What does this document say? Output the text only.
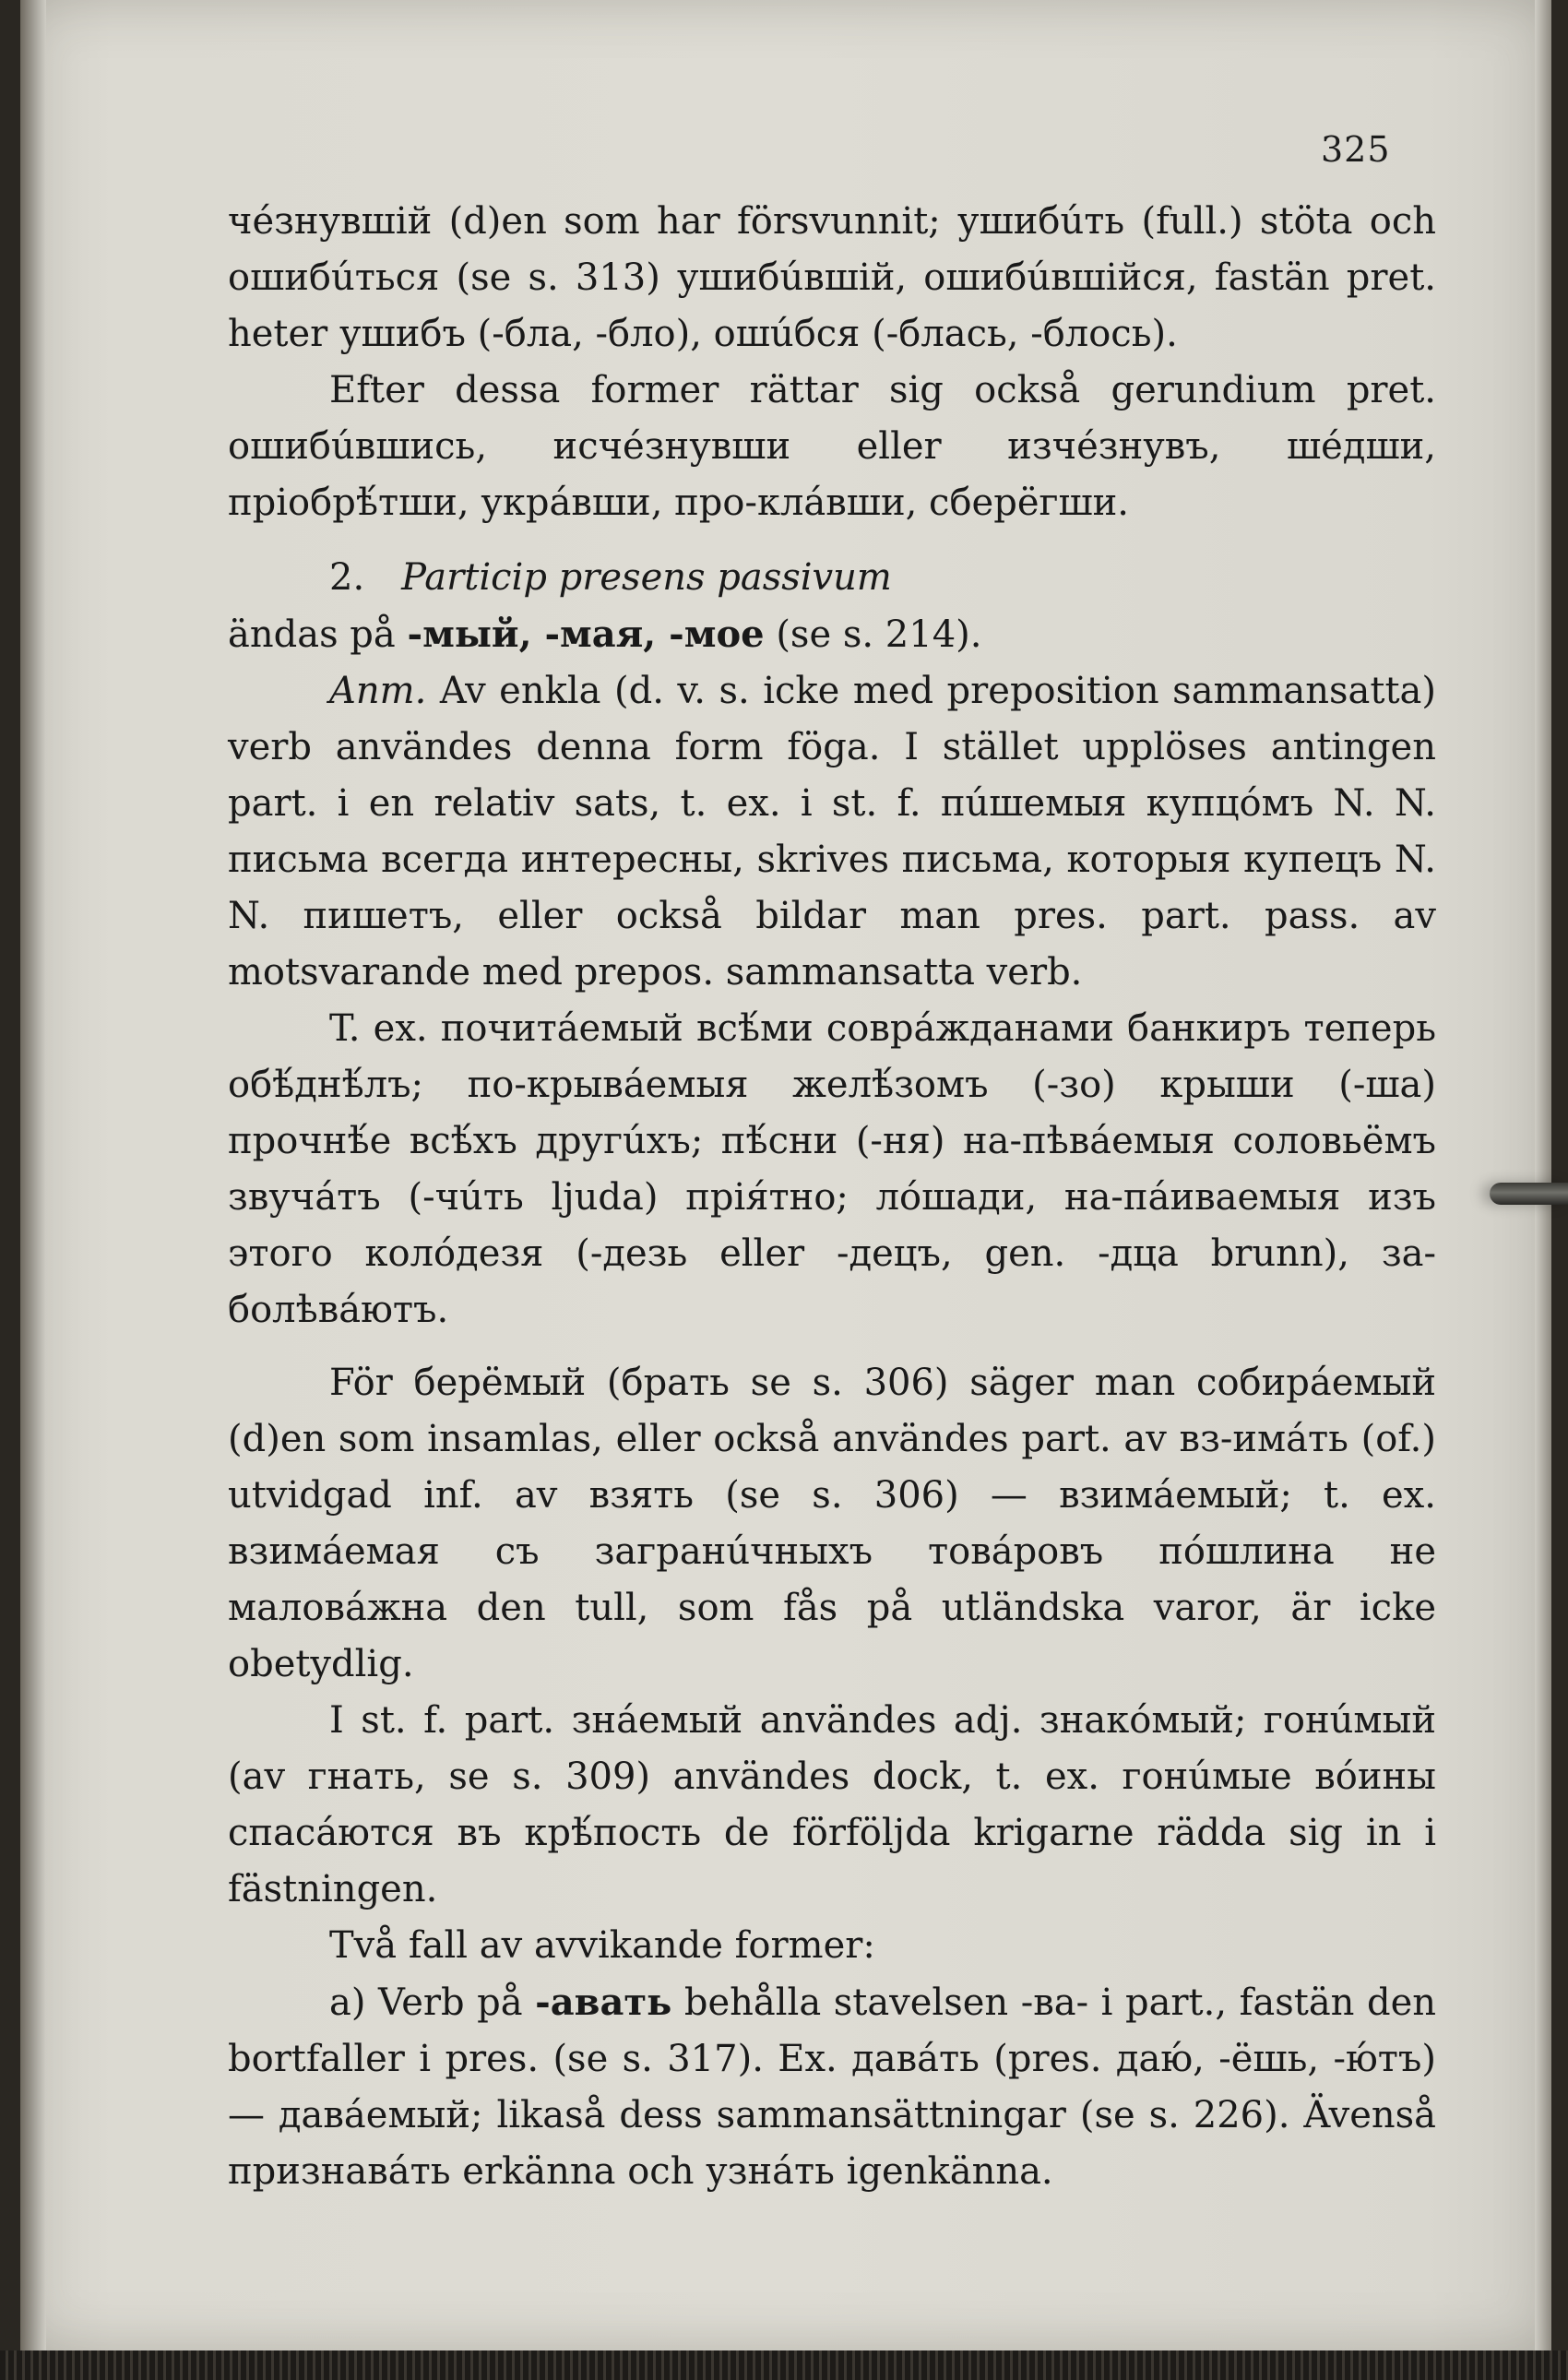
325

чéзнувшiй (d)en som har försvunnit; ушибúть (full.) stöta och ошибúться (se s. 313) ушибúвшiй, ошибúвшiйся, fastän pret. heter ушибъ (-бла, -бло), ошúбся (-блась, -блось).

Efter dessa former rättar sig också gerundium pret. ошибúвшись, исчéзнувши eller изчéзнувъ, шéдши, прiобрѣ́тши, укрáвши, про-клáвши, сберёгши.

2. Particip presens passivum

ändas på -мый, -мая, -мое (se s. 214).

Anm. Av enkla (d. v. s. icke med preposition sammansatta) verb användes denna form föga. I stället upplöses antingen part. i en relativ sats, t. ex. i st. f. пúшемыя купцóмъ N. N. письма всегда интересны, skrives письма, которыя купецъ N. N. пишетъ, eller också bildar man pres. part. pass. av motsvarande med prepos. sammansatta verb.

T. ex. почитáемый всѣ́ми соврáжданами банкиръ теперь обѣ́днѣ́лъ; по-крывáемыя желѣ́зомъ (-зо) крыши (-ша) прочнѣ́е всѣ́хъ другúхъ; пѣ́сни (-ня) на-пѣвáемыя соловьёмъ звучáтъ (-чúть ljuda) прiя́тно; лóшади, на-пáиваемыя изъ этого колóдезя (-дезь eller -децъ, gen. -дца brunn), за-болѣвáютъ.

För берёмый (брать se s. 306) säger man собирáемый (d)en som insamlas, eller också användes part. av вз-имáть (of.) utvidgad inf. av взять (se s. 306) — взимáемый; t. ex. взимáемая съ загранúчныхъ товáровъ пóшлина не маловáжна den tull, som fås på utländska varor, är icke obetydlig.

I st. f. part. знáемый användes adj. знакóмый; гонúмый (av гнать, se s. 309) användes dock, t. ex. гонúмые вóины спасáются въ крѣ́пость de förföljda krigarne rädda sig in i fästningen.

Två fall av avvikande former:

a) Verb på -авать behålla stavelsen -ва- i part., fastän den bortfaller i pres. (se s. 317). Ex. давáть (pres. даю́, -ёшь, -ю́тъ) — давáемый; likaså dess sammansättningar (se s. 226). Ävenså признавáть erkänna och узнáть igenkänna.
